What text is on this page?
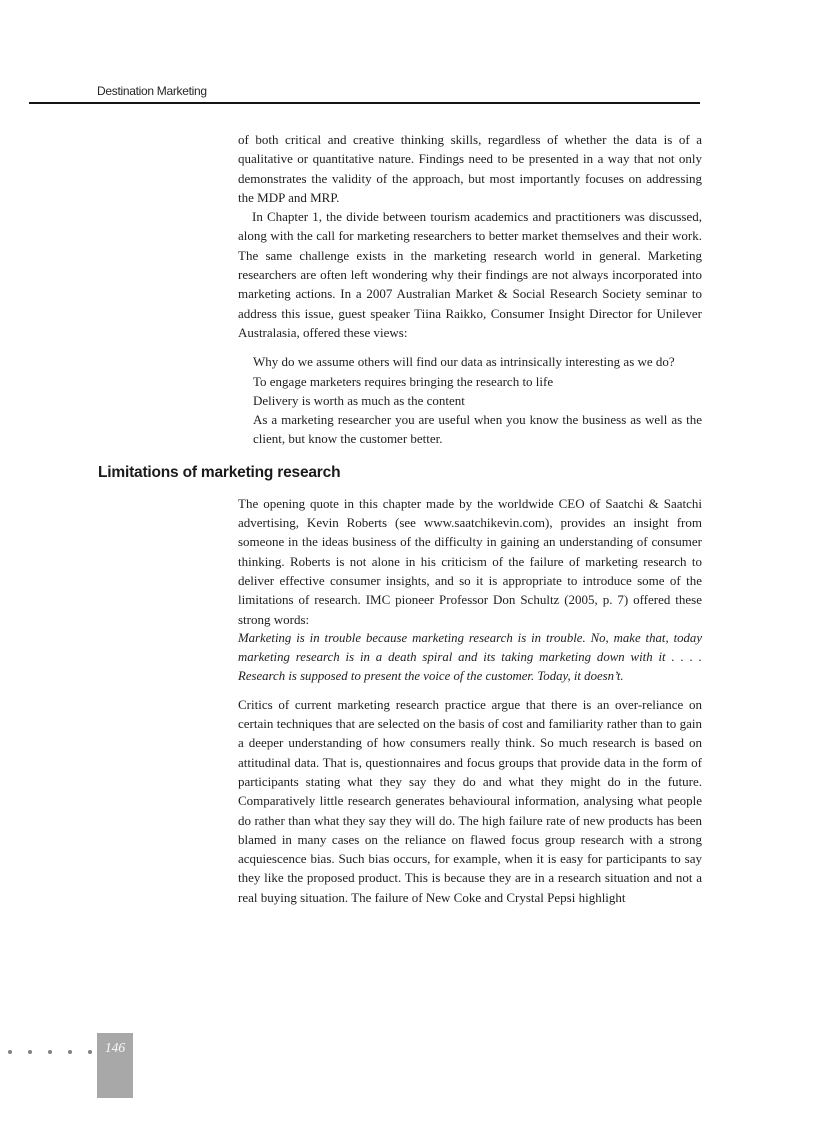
Destination Marketing

of both critical and creative thinking skills, regardless of whether the data is of a qualitative or quantitative nature. Findings need to be presented in a way that not only demonstrates the validity of the approach, but most importantly focuses on addressing the MDP and MRP.

In Chapter 1, the divide between tourism academics and practitioners was discussed, along with the call for marketing researchers to better market themselves and their work. The same challenge exists in the marketing research world in general. Marketing researchers are often left wondering why their findings are not always incorporated into marketing actions. In a 2007 Australian Market & Social Research Society seminar to address this issue, guest speaker Tiina Raikko, Consumer Insight Director for Unilever Australasia, offered these views:

Why do we assume others will find our data as intrinsically interesting as we do?

To engage marketers requires bringing the research to life

Delivery is worth as much as the content

As a marketing researcher you are useful when you know the business as well as the client, but know the customer better.

Limitations of marketing research

The opening quote in this chapter made by the worldwide CEO of Saatchi & Saatchi advertising, Kevin Roberts (see www.saatchikevin.com), provides an insight from someone in the ideas business of the difficulty in gaining an understanding of consumer thinking. Roberts is not alone in his criticism of the failure of marketing research to deliver effective consumer insights, and so it is appropriate to introduce some of the limitations of research. IMC pioneer Professor Don Schultz (2005, p. 7) offered these strong words:

Marketing is in trouble because marketing research is in trouble. No, make that, today marketing research is in a death spiral and its taking marketing down with it . . . . Research is supposed to present the voice of the customer. Today, it doesn’t.

Critics of current marketing research practice argue that there is an over-reliance on certain techniques that are selected on the basis of cost and familiarity rather than to gain a deeper understanding of how consumers really think. So much research is based on attitudinal data. That is, questionnaires and focus groups that provide data in the form of participants stating what they say they do and what they might do in the future. Comparatively little research generates behavioural information, analysing what people do rather than what they say they will do. The high failure rate of new products has been blamed in many cases on the reliance on flawed focus group research with a strong acquiescence bias. Such bias occurs, for example, when it is easy for participants to say they like the proposed product. This is because they are in a research situation and not a real buying situation. The failure of New Coke and Crystal Pepsi highlight

146
